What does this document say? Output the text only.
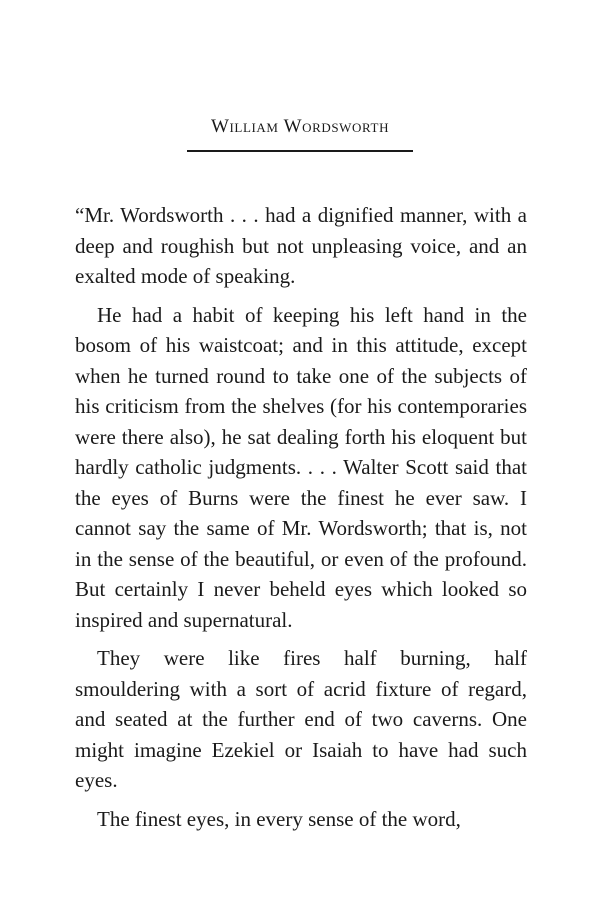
William Wordsworth

“Mr. Wordsworth . . . had a dignified manner, with a deep and roughish but not unpleasing voice, and an exalted mode of speaking.

He had a habit of keeping his left hand in the bosom of his waistcoat; and in this attitude, except when he turned round to take one of the subjects of his criticism from the shelves (for his contemporaries were there also), he sat dealing forth his eloquent but hardly catholic judgments. . . . Walter Scott said that the eyes of Burns were the finest he ever saw. I cannot say the same of Mr. Wordsworth; that is, not in the sense of the beautiful, or even of the profound. But certainly I never beheld eyes which looked so inspired and supernatural.

They were like fires half burning, half smouldering with a sort of acrid fixture of regard, and seated at the further end of two caverns. One might imagine Ezekiel or Isaiah to have had such eyes.

The finest eyes, in every sense of the word,
